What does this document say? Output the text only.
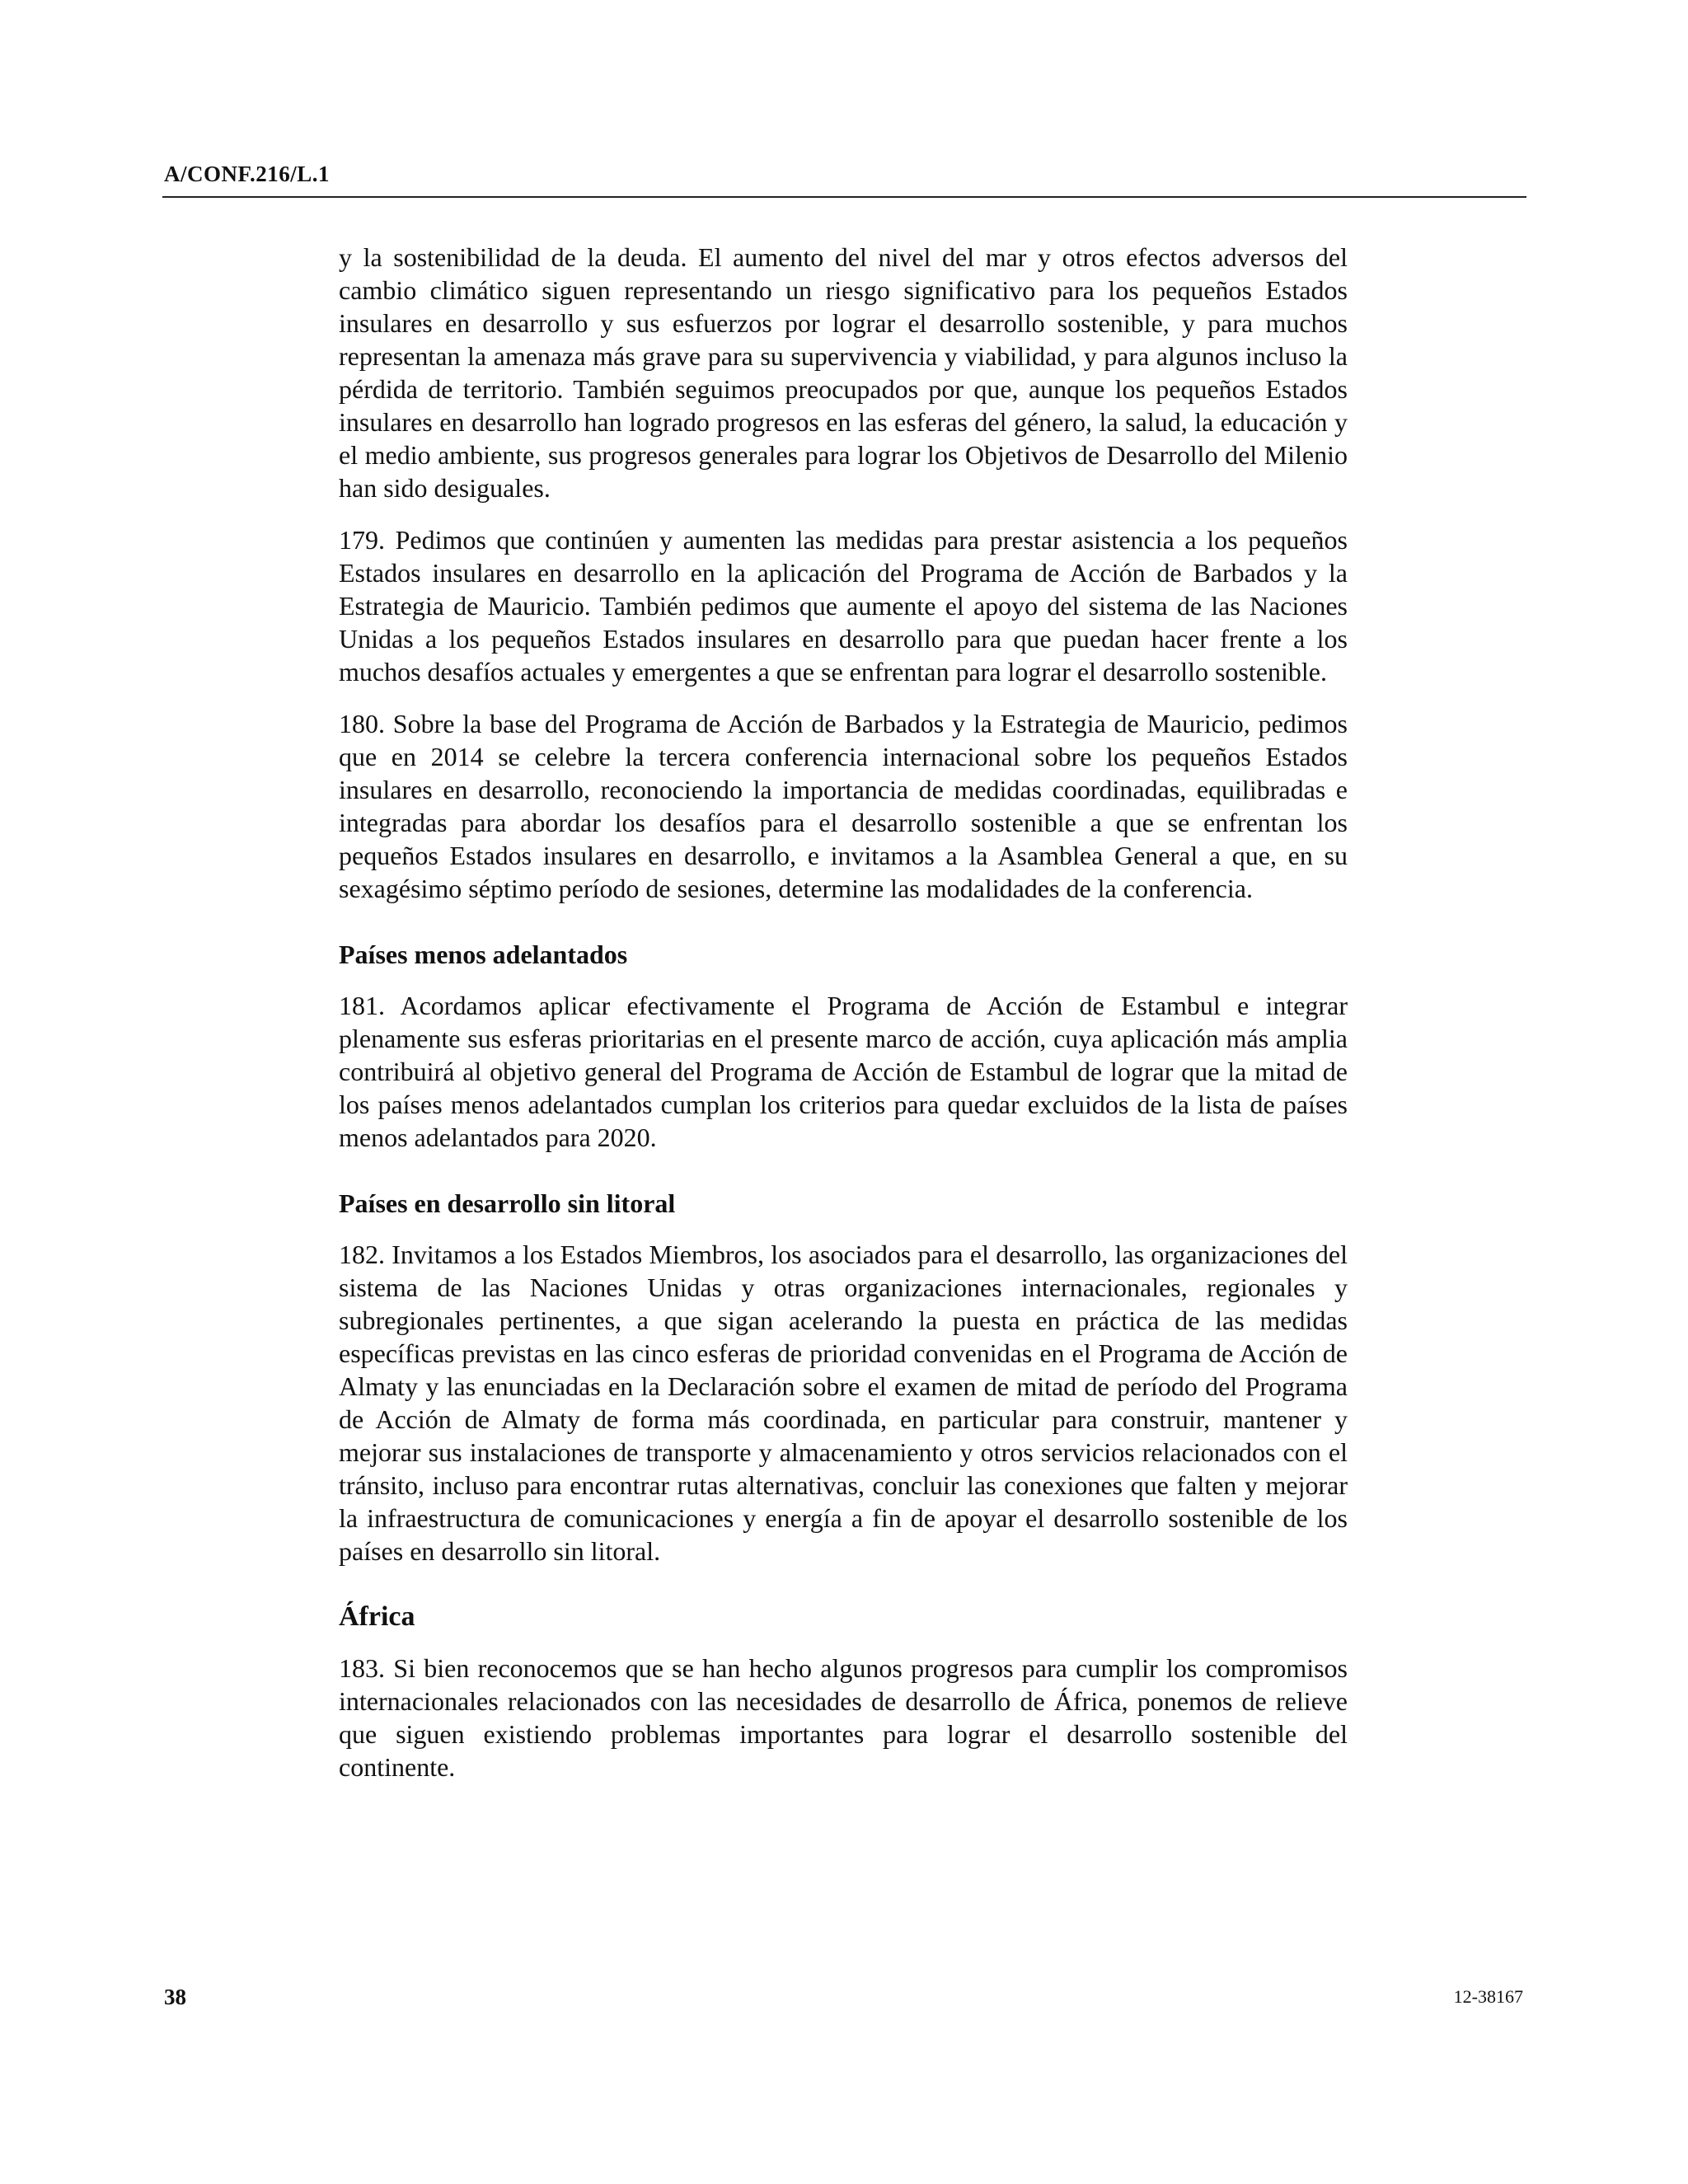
A/CONF.216/L.1

y la sostenibilidad de la deuda. El aumento del nivel del mar y otros efectos adversos del cambio climático siguen representando un riesgo significativo para los pequeños Estados insulares en desarrollo y sus esfuerzos por lograr el desarrollo sostenible, y para muchos representan la amenaza más grave para su supervivencia y viabilidad, y para algunos incluso la pérdida de territorio. También seguimos preocupados por que, aunque los pequeños Estados insulares en desarrollo han logrado progresos en las esferas del género, la salud, la educación y el medio ambiente, sus progresos generales para lograr los Objetivos de Desarrollo del Milenio han sido desiguales.

179. Pedimos que continúen y aumenten las medidas para prestar asistencia a los pequeños Estados insulares en desarrollo en la aplicación del Programa de Acción de Barbados y la Estrategia de Mauricio. También pedimos que aumente el apoyo del sistema de las Naciones Unidas a los pequeños Estados insulares en desarrollo para que puedan hacer frente a los muchos desafíos actuales y emergentes a que se enfrentan para lograr el desarrollo sostenible.

180. Sobre la base del Programa de Acción de Barbados y la Estrategia de Mauricio, pedimos que en 2014 se celebre la tercera conferencia internacional sobre los pequeños Estados insulares en desarrollo, reconociendo la importancia de medidas coordinadas, equilibradas e integradas para abordar los desafíos para el desarrollo sostenible a que se enfrentan los pequeños Estados insulares en desarrollo, e invitamos a la Asamblea General a que, en su sexagésimo séptimo período de sesiones, determine las modalidades de la conferencia.

Países menos adelantados

181. Acordamos aplicar efectivamente el Programa de Acción de Estambul e integrar plenamente sus esferas prioritarias en el presente marco de acción, cuya aplicación más amplia contribuirá al objetivo general del Programa de Acción de Estambul de lograr que la mitad de los países menos adelantados cumplan los criterios para quedar excluidos de la lista de países menos adelantados para 2020.

Países en desarrollo sin litoral

182. Invitamos a los Estados Miembros, los asociados para el desarrollo, las organizaciones del sistema de las Naciones Unidas y otras organizaciones internacionales, regionales y subregionales pertinentes, a que sigan acelerando la puesta en práctica de las medidas específicas previstas en las cinco esferas de prioridad convenidas en el Programa de Acción de Almaty y las enunciadas en la Declaración sobre el examen de mitad de período del Programa de Acción de Almaty de forma más coordinada, en particular para construir, mantener y mejorar sus instalaciones de transporte y almacenamiento y otros servicios relacionados con el tránsito, incluso para encontrar rutas alternativas, concluir las conexiones que falten y mejorar la infraestructura de comunicaciones y energía a fin de apoyar el desarrollo sostenible de los países en desarrollo sin litoral.

África

183. Si bien reconocemos que se han hecho algunos progresos para cumplir los compromisos internacionales relacionados con las necesidades de desarrollo de África, ponemos de relieve que siguen existiendo problemas importantes para lograr el desarrollo sostenible del continente.

38	12-38167
